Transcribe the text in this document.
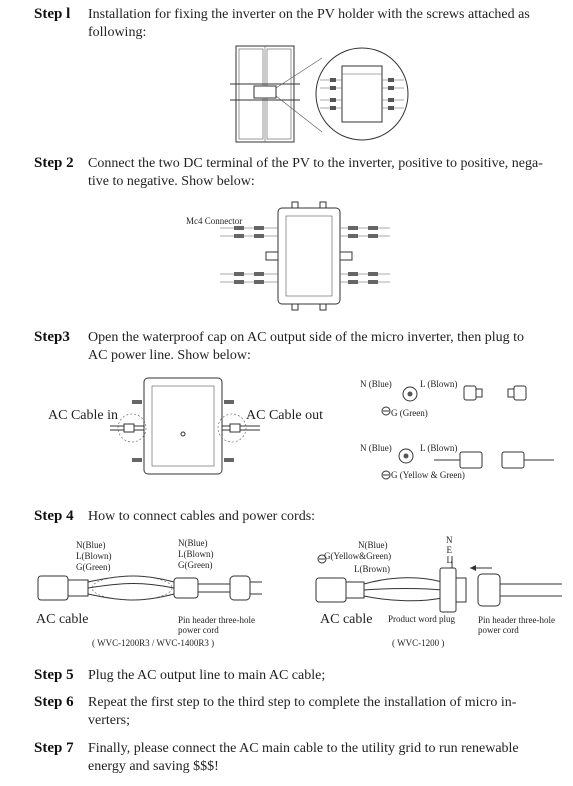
Step l Installation for fixing the inverter on the PV holder with the screws attached as
following:
Step 2 Connect the two DC terminal of the PV to the inverter, positive to positive, nega-
tive to negative. Show below:
Mc4 Connector
Step3 Open the waterproof cap on AC output side of the micro inverter, then plug to
AC power line. Show below:
AC Cable in	AC Cable out
N (Blue)	L (Blown)
G (Green)
N (Blue)	L (Blown)
G (Yellow & Green)
Step 4 How to connect cables and power cords:
N(Blue)
L(Blown)
G(Green)
N(Blue)
L(Blown)
G(Green)
AC cable	Pin header three-hole
power cord
( WVC-1200R3 / WVC-1400R3 )
N(Blue)
G(Yellow&Green)
L(Brown)
N
E
L
AC cable Product word plug	Pin header three-hole
power cord
( WVC-1200 )
Step 5 Plug the AC output line to main AC cable;
Step 6 Repeat the first step to the third step to complete the installation of micro in-
verters;
Step 7 Finally, please connect the AC main cable to the utility grid to run renewable
energy and saving $$$!
